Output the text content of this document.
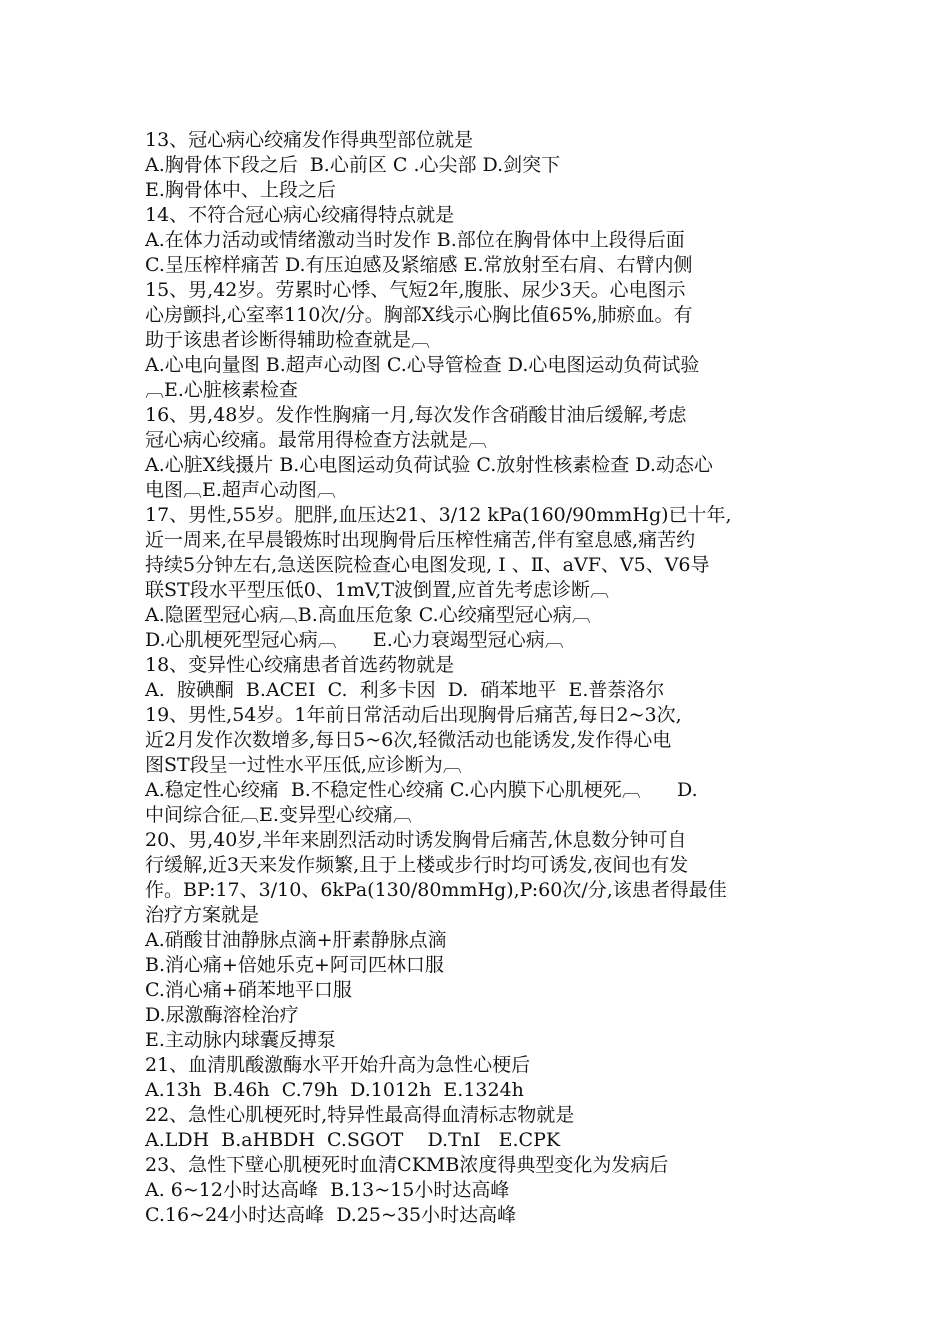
13、冠心病心绞痛发作得典型部位就是
A.胸骨体下段之后  B.心前区 C .心尖部 D.剑突下
E.胸骨体中、上段之后
14、不符合冠心病心绞痛得特点就是
A.在体力活动或情绪激动当时发作 B.部位在胸骨体中上段得后面
C.呈压榨样痛苦 D.有压迫感及紧缩感 E.常放射至右肩、右臂内侧
15、男,42岁。劳累时心悸、气短2年,腹胀、尿少3天。心电图示
心房颤抖,心室率110次/分。胸部X线示心胸比值65%,肺瘀血。有
助于该患者诊断得辅助检查就是︹
A.心电向量图 B.超声心动图 C.心导管检查 D.心电图运动负荷试验
︹E.心脏核素检查
16、男,48岁。发作性胸痛一月,每次发作含硝酸甘油后缓解,考虑
冠心病心绞痛。最常用得检查方法就是︹
A.心脏X线摄片 B.心电图运动负荷试验 C.放射性核素检查 D.动态心
电图︹E.超声心动图︹
17、男性,55岁。肥胖,血压达21、3/12 kPa(160/90mmHg)已十年,
近一周来,在早晨锻炼时出现胸骨后压榨性痛苦,伴有窒息感,痛苦约
持续5分钟左右,急送医院检查心电图发现, Ⅰ 、Ⅱ、aVF、V5、V6导
联ST段水平型压低0、1mV,T波倒置,应首先考虑诊断︹
A.隐匿型冠心病︹B.高血压危象 C.心绞痛型冠心病︹
D.心肌梗死型冠心病︹      E.心力衰竭型冠心病︹
18、变异性心绞痛患者首选药物就是
A.  胺碘酮  B.ACEI  C.  利多卡因  D.  硝苯地平  E.普萘洛尔
19、男性,54岁。1年前日常活动后出现胸骨后痛苦,每日2~3次,
近2月发作次数增多,每日5~6次,轻微活动也能诱发,发作得心电
图ST段呈一过性水平压低,应诊断为︹
A.稳定性心绞痛  B.不稳定性心绞痛 C.心内膜下心肌梗死︹      D.
中间综合征︹E.变异型心绞痛︹
20、男,40岁,半年来剧烈活动时诱发胸骨后痛苦,休息数分钟可自
行缓解,近3天来发作频繁,且于上楼或步行时均可诱发,夜间也有发
作。BP:17、3/10、6kPa(130/80mmHg),P:60次/分,该患者得最佳
治疗方案就是
A.硝酸甘油静脉点滴+肝素静脉点滴
B.消心痛+倍她乐克+阿司匹林口服
C.消心痛+硝苯地平口服
D.尿激酶溶栓治疗
E.主动脉内球囊反搏泵
21、血清肌酸激酶水平开始升高为急性心梗后
A.13h  B.46h  C.79h  D.1012h  E.1324h
22、急性心肌梗死时,特异性最高得血清标志物就是
A.LDH  B.aHBDH  C.SGOT    D.TnI   E.CPK
23、急性下壁心肌梗死时血清CKMB浓度得典型变化为发病后
A. 6~12小时达高峰  B.13~15小时达高峰
C.16~24小时达高峰  D.25~35小时达高峰
